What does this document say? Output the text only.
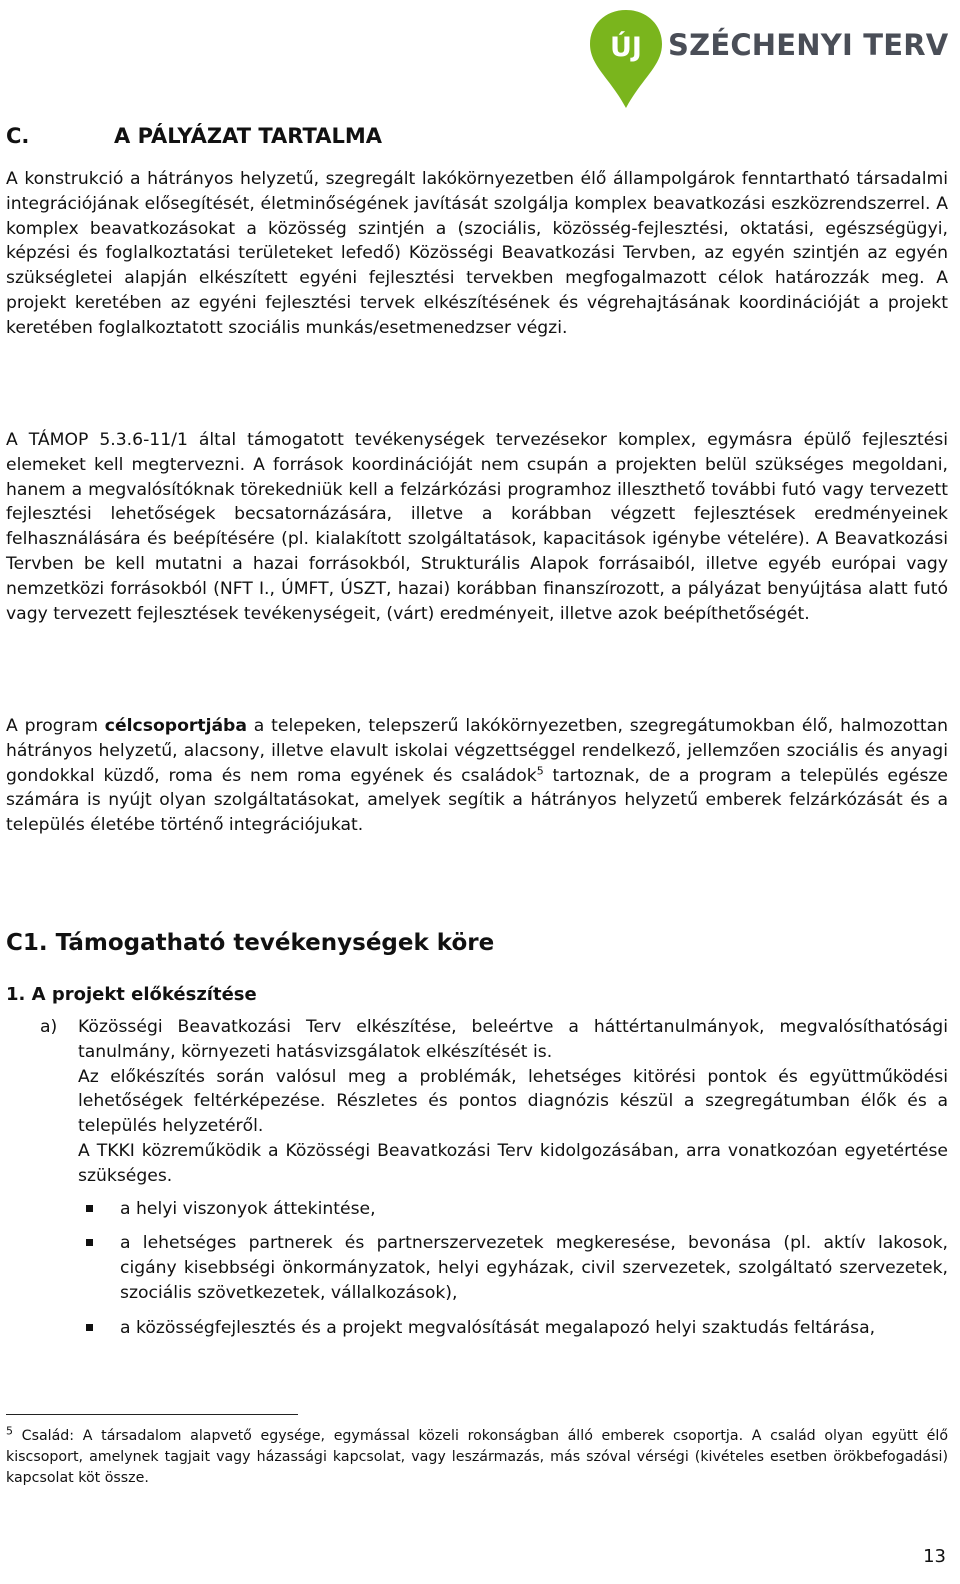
ÚJ SZÉCHENYI TERV
C.	A PÁLYÁZAT TARTALMA

A konstrukció a hátrányos helyzetű, szegregált lakókörnyezetben élő állampolgárok fenntartható társadalmi integrációjának elősegítését, életminőségének javítását szolgálja komplex beavatkozási eszközrendszerrel. A komplex beavatkozásokat a közösség szintjén a (szociális, közösség-fejlesztési, oktatási, egészségügyi, képzési és foglalkoztatási területeket lefedő) Közösségi Beavatkozási Tervben, az egyén szintjén az egyén szükségletei alapján elkészített egyéni fejlesztési tervekben megfogalmazott célok határozzák meg. A projekt keretében az egyéni fejlesztési tervek elkészítésének és végrehajtásának koordinációját a projekt keretében foglalkoztatott szociális munkás/esetmenedzser végzi.

A TÁMOP 5.3.6-11/1 által támogatott tevékenységek tervezésekor komplex, egymásra épülő fejlesztési elemeket kell megtervezni. A források koordinációját nem csupán a projekten belül szükséges megoldani, hanem a megvalósítóknak törekedniük kell a felzárkózási programhoz illeszthető további futó vagy tervezett fejlesztési lehetőségek becsatornázására, illetve a korábban végzett fejlesztések eredményeinek felhasználására és beépítésére (pl. kialakított szolgáltatások, kapacitások igénybe vételére). A Beavatkozási Tervben be kell mutatni a hazai forrásokból, Strukturális Alapok forrásaiból, illetve egyéb európai vagy nemzetközi forrásokból (NFT I., ÚMFT, ÚSZT, hazai) korábban finanszírozott, a pályázat benyújtása alatt futó vagy tervezett fejlesztések tevékenységeit, (várt) eredményeit, illetve azok beépíthetőségét.

A program célcsoportjába a telepeken, telepszerű lakókörnyezetben, szegregátumokban élő, halmozottan hátrányos helyzetű, alacsony, illetve elavult iskolai végzettséggel rendelkező, jellemzően szociális és anyagi gondokkal küzdő, roma és nem roma egyének és családok$^5$ tartoznak, de a program a település egésze számára is nyújt olyan szolgáltatásokat, amelyek segítik a hátrányos helyzetű emberek felzárkózását és a település életébe történő integrációjukat.

C1. Támogatható tevékenységek köre
1. A projekt előkészítése
a) Közösségi Beavatkozási Terv elkészítése, beleértve a háttértanulmányok, megvalósíthatósági tanulmány, környezeti hatásvizsgálatok elkészítését is.

Az előkészítés során valósul meg a problémák, lehetséges kitörési pontok és együttműködési lehetőségek feltérképezése. Részletes és pontos diagnózis készül a szegregátumban élők és a település helyzetéről.

A TKKI közreműködik a Közösségi Beavatkozási Terv kidolgozásában, arra vonatkozóan egyetértése szükséges.

a helyi viszonyok áttekintése,
a lehetséges partnerek és partnerszervezetek megkeresése, bevonása (pl. aktív lakosok, cigány kisebbségi önkormányzatok, helyi egyházak, civil szervezetek, szolgáltató szervezetek, szociális szövetkezetek, vállalkozások),
a közösségfejlesztés és a projekt megvalósítását megalapozó helyi szaktudás feltárása,
$^5$ Család: A társadalom alapvető egysége, egymással közeli rokonságban álló emberek csoportja. A család olyan együtt élő kiscsoport, amelynek tagjait vagy házassági kapcsolat, vagy leszármazás, más szóval vérségi (kivételes esetben örökbefogadási) kapcsolat köt össze.
13
